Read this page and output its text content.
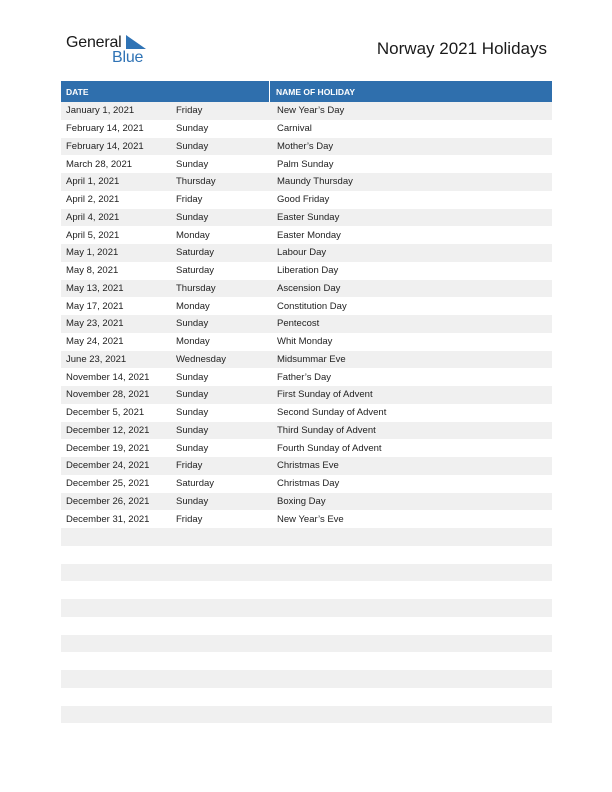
General
Blue	Norway 2021 Holidays
DATE	NAME OF HOLIDAY
January 1, 2021	Friday	New Year’s Day
February 14, 2021	Sunday	Carnival
February 14, 2021	Sunday	Mother’s Day
March 28, 2021	Sunday	Palm Sunday
April 1, 2021	Thursday	Maundy Thursday
April 2, 2021	Friday	Good Friday
April 4, 2021	Sunday	Easter Sunday
April 5, 2021	Monday	Easter Monday
May 1, 2021	Saturday	Labour Day
May 8, 2021	Saturday	Liberation Day
May 13, 2021	Thursday	Ascension Day
May 17, 2021	Monday	Constitution Day
May 23, 2021	Sunday	Pentecost
May 24, 2021	Monday	Whit Monday
June 23, 2021	Wednesday	Midsummar Eve
November 14, 2021	Sunday	Father’s Day
November 28, 2021	Sunday	First Sunday of Advent
December 5, 2021	Sunday	Second Sunday of Advent
December 12, 2021	Sunday	Third Sunday of Advent
December 19, 2021	Sunday	Fourth Sunday of Advent
December 24, 2021	Friday	Christmas Eve
December 25, 2021	Saturday	Christmas Day
December 26, 2021	Sunday	Boxing Day
December 31, 2021	Friday	New Year’s Eve
